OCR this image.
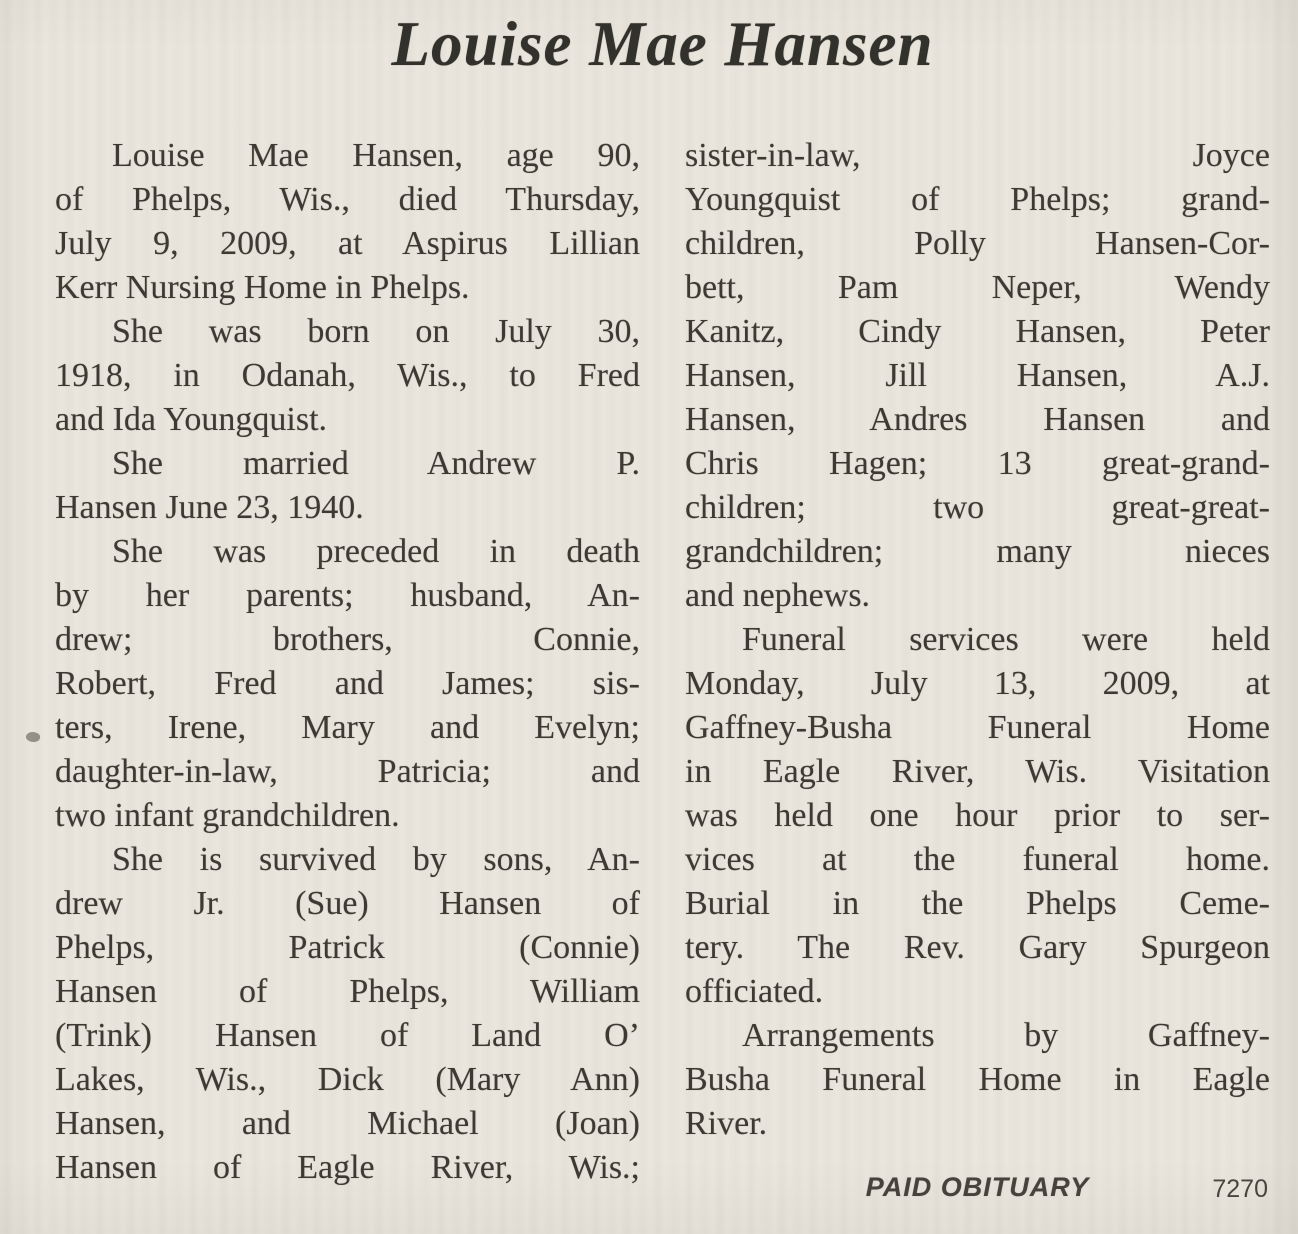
Louise Mae Hansen
Louise Mae Hansen, age 90,
of Phelps, Wis., died Thursday,
July 9, 2009, at Aspirus Lillian
Kerr Nursing Home in Phelps.
She was born on July 30,
1918, in Odanah, Wis., to Fred
and Ida Youngquist.
She married Andrew P.
Hansen June 23, 1940.
She was preceded in death
by her parents; husband, An-
drew; brothers, Connie,
Robert, Fred and James; sis-
ters, Irene, Mary and Evelyn;
daughter-in-law, Patricia; and
two infant grandchildren.
She is survived by sons, An-
drew Jr. (Sue) Hansen of
Phelps, Patrick (Connie)
Hansen of Phelps, William
(Trink) Hansen of Land O’
Lakes, Wis., Dick (Mary Ann)
Hansen, and Michael (Joan)
Hansen of Eagle River, Wis.;
sister-in-law, Joyce
Youngquist of Phelps; grand-
children, Polly Hansen-Cor-
bett, Pam Neper, Wendy
Kanitz, Cindy Hansen, Peter
Hansen, Jill Hansen, A.J.
Hansen, Andres Hansen and
Chris Hagen; 13 great-grand-
children; two great-great-
grandchildren; many nieces
and nephews.
Funeral services were held
Monday, July 13, 2009, at
Gaffney-Busha Funeral Home
in Eagle River, Wis. Visitation
was held one hour prior to ser-
vices at the funeral home.
Burial in the Phelps Ceme-
tery. The Rev. Gary Spurgeon
officiated.
Arrangements by Gaffney-
Busha Funeral Home in Eagle
River.
PAID OBITUARY	7270
